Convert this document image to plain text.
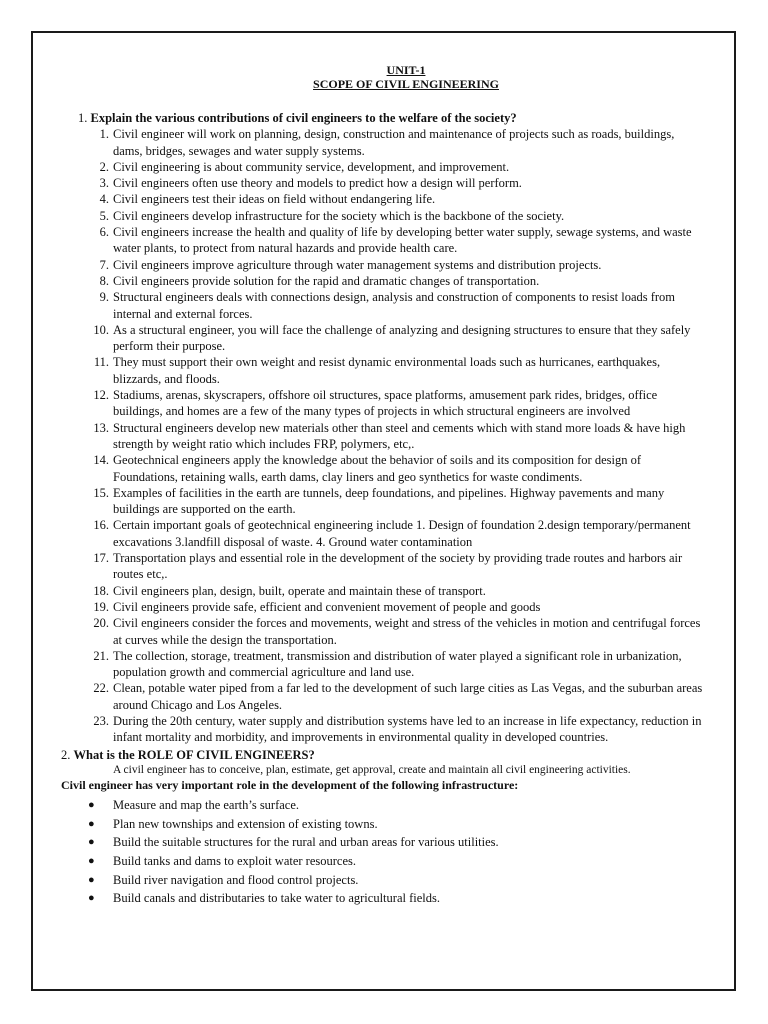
UNIT-1
SCOPE OF CIVIL ENGINEERING
1. Explain the various contributions of civil engineers to the welfare of the society?
1. Civil engineer will work on planning, design, construction and maintenance of projects such as roads, buildings, dams, bridges, sewages and water supply systems.
2. Civil engineering is about community service, development, and improvement.
3. Civil engineers often use theory and models to predict how a design will perform.
4. Civil engineers test their ideas on field without endangering life.
5. Civil engineers develop infrastructure for the society which is the backbone of the society.
6. Civil engineers increase the health and quality of life by developing better water supply, sewage systems, and waste water plants, to protect from natural hazards and provide health care.
7. Civil engineers improve agriculture through water management systems and distribution projects.
8. Civil engineers provide solution for the rapid and dramatic changes of transportation.
9. Structural engineers deals with connections design, analysis and construction of components to resist loads from internal and external forces.
10. As a structural engineer, you will face the challenge of analyzing and designing structures to ensure that they safely perform their purpose.
11. They must support their own weight and resist dynamic environmental loads such as hurricanes, earthquakes, blizzards, and floods.
12. Stadiums, arenas, skyscrapers, offshore oil structures, space platforms, amusement park rides, bridges, office buildings, and homes are a few of the many types of projects in which structural engineers are involved
13. Structural engineers develop new materials other than steel and cements which with stand more loads & have high strength by weight ratio which includes FRP, polymers, etc,.
14. Geotechnical engineers apply the knowledge about the behavior of soils and its composition for design of Foundations, retaining walls, earth dams, clay liners and geo synthetics for waste condiments.
15. Examples of facilities in the earth are tunnels, deep foundations, and pipelines. Highway pavements and many buildings are supported on the earth.
16. Certain important goals of geotechnical engineering include 1. Design of foundation 2.design temporary/permanent excavations 3.landfill disposal of waste. 4. Ground water contamination
17. Transportation plays and essential role in the development of the society by providing trade routes and harbors air routes etc,.
18. Civil engineers plan, design, built, operate and maintain these of transport.
19. Civil engineers provide safe, efficient and convenient movement of people and goods
20. Civil engineers consider the forces and movements, weight and stress of the vehicles in motion and centrifugal forces at curves while the design the transportation.
21. The collection, storage, treatment, transmission and distribution of water played a significant role in urbanization, population growth and commercial agriculture and land use.
22. Clean, potable water piped from a far led to the development of such large cities as Las Vegas, and the suburban areas around Chicago and Los Angeles.
23. During the 20th century, water supply and distribution systems have led to an increase in life expectancy, reduction in infant mortality and morbidity, and improvements in environmental quality in developed countries.
2. What is the ROLE OF CIVIL ENGINEERS?
A civil engineer has to conceive, plan, estimate, get approval, create and maintain all civil engineering activities.
Civil engineer has very important role in the development of the following infrastructure:
●	Measure and map the earth’s surface.
●	Plan new townships and extension of existing towns.
●	Build the suitable structures for the rural and urban areas for various utilities.
●	Build tanks and dams to exploit water resources.
●	Build river navigation and flood control projects.
●	Build canals and distributaries to take water to agricultural fields.
